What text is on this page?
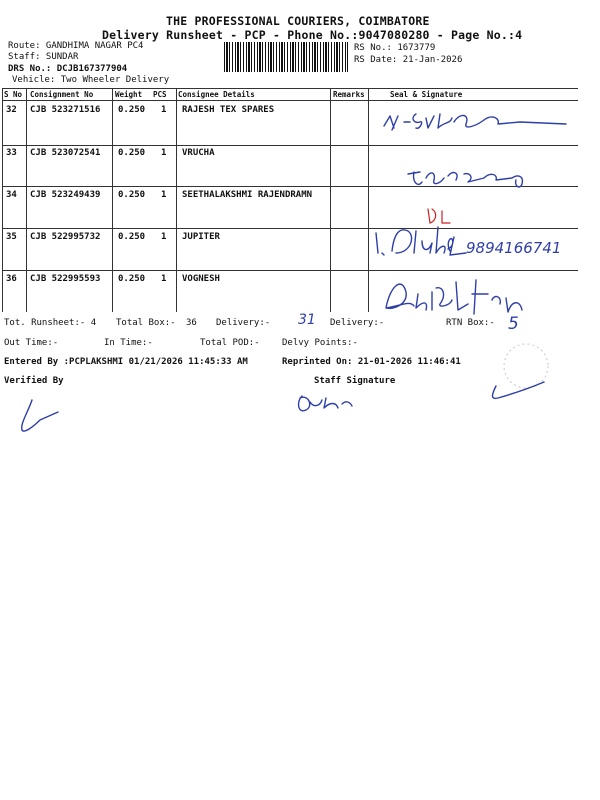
THE PROFESSIONAL COURIERS, COIMBATORE
Delivery Runsheet - PCP - Phone No.:9047080280 - Page No.:4
Route: GANDHIMA NAGAR PC4
Staff: SUNDAR
DRS No.: DCJB167377904
Vehicle: Two Wheeler Delivery
RS No.: 1673779
RS Date: 21-Jan-2026
S No Consignment No	Weight PCS Consignee Details	Remarks	Seal & Signature
32 CJB 523271516 0.250 1 RAJESH TEX SPARES
33 CJB 523072541 0.250 1 VRUCHA
34 CJB 523249439 0.250 1 SEETHALAKSHMI RAJENDRAMN
35 CJB 522995732 0.250 1 JUPITER
36 CJB 522995593 0.250 1 VOGNESH
9894166741
Tot. Runsheet:- 4 Total Box:- 36 Delivery:- 31 Delivery:-	RTN Box:- 5
Out Time:-	In Time:-	Total POD:- Delvy Points:-
Entered By :PCPLAKSHMI 01/21/2026 11:45:33 AM	Reprinted On: 21-01-2026 11:46:41
Verified By	Staff Signature
